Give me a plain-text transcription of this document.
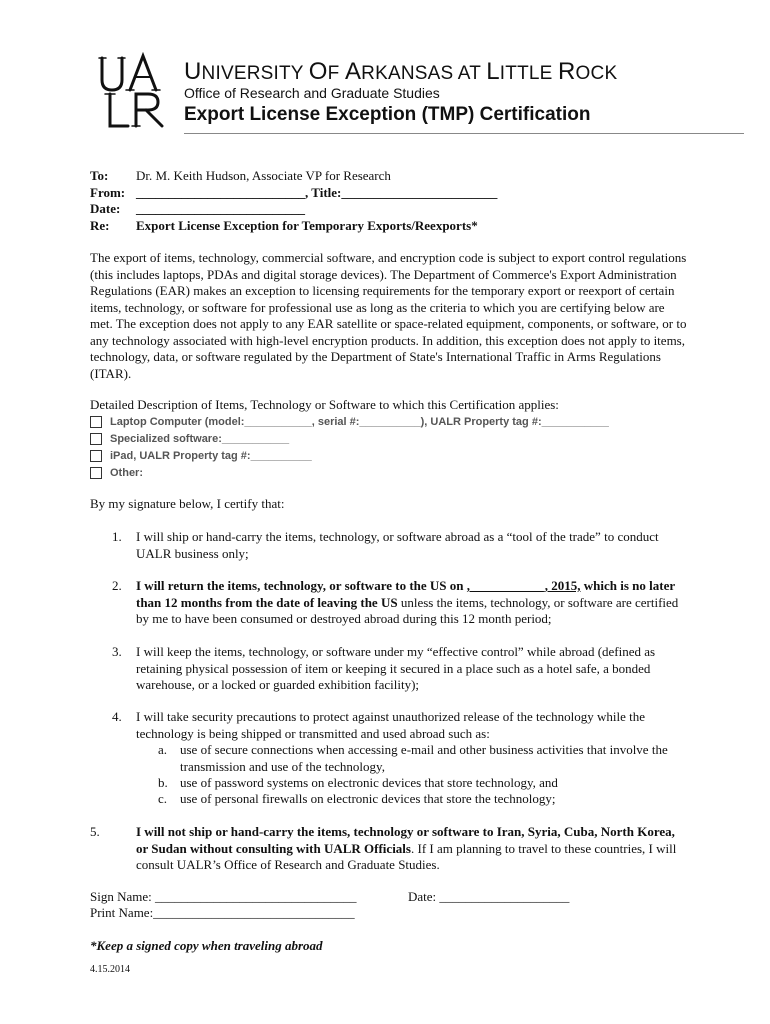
UNIVERSITY OF ARKANSAS AT LITTLE ROCK
Office of Research and Graduate Studies
Export License Exception (TMP) Certification
To:	Dr. M. Keith Hudson, Associate VP for Research
From: __________________________, Title:________________________
Date:	__________________________
Re:	Export License Exception for Temporary Exports/Reexports*
The export of items, technology, commercial software, and encryption code is subject to export control regulations (this includes laptops, PDAs and digital storage devices). The Department of Commerce's Export Administration Regulations (EAR) makes an exception to licensing requirements for the temporary export or reexport of certain items, technology, or software for professional use as long as the criteria to which you are certifying below are met. The exception does not apply to any EAR satellite or space-related equipment, components, or software, or to any technology associated with high-level encryption products. In addition, this exception does not apply to items, technology, data, or software regulated by the Department of State's International Traffic in Arms Regulations (ITAR).
Detailed Description of Items, Technology or Software to which this Certification applies:
Laptop Computer (model:___________, serial #:__________), UALR Property tag #:___________
Specialized software:___________
iPad, UALR Property tag #:__________
Other:
By my signature below, I certify that:
1.	I will ship or hand-carry the items, technology, or software abroad as a “tool of the trade” to conduct UALR business only;
2.	I will return the items, technology, or software to the US on , ___________, 2015, which is no later than 12 months from the date of leaving the US unless the items, technology, or software are certified by me to have been consumed or destroyed abroad during this 12 month period;
3.	I will keep the items, technology, or software under my “effective control” while abroad (defined as retaining physical possession of item or keeping it secured in a place such as a hotel safe, a bonded warehouse, or a locked or guarded exhibition facility);
4.	I will take security precautions to protect against unauthorized release of the technology while the technology is being shipped or transmitted and used abroad such as:
a. use of secure connections when accessing e-mail and other business activities that involve the transmission and use of the technology,
b. use of password systems on electronic devices that store technology, and
c. use of personal firewalls on electronic devices that store the technology;
5.	I will not ship or hand-carry the items, technology or software to Iran, Syria, Cuba, North Korea, or Sudan without consulting with UALR Officials. If I am planning to travel to these countries, I will consult UALR’s Office of Research and Graduate Studies.
Sign Name: _______________________________	Date: ____________________
Print Name:_______________________________
*Keep a signed copy when traveling abroad
4.15.2014
